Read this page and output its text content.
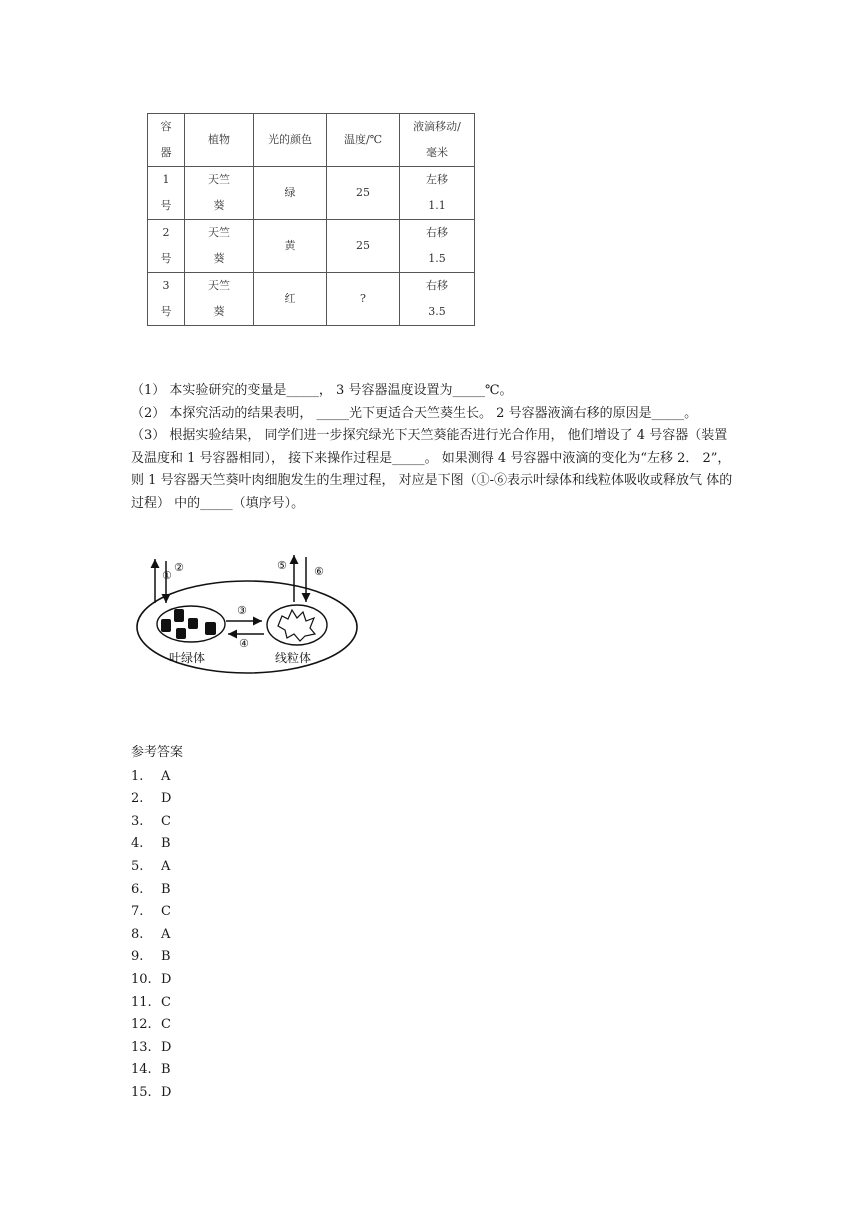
容
器	植物	光的颜色	温度/℃	液滴移动/
毫米

1
号	天竺
葵	绿	25	左移
1.1

2
号	天竺
葵	黄	25	右移
1.5

3
号	天竺
葵	红	?	右移
3.5

（1） 本实验研究的变量是_____， 3 号容器温度设置为_____℃。

（2） 本探究活动的结果表明， _____光下更适合天竺葵生长。 2 号容器液滴右移的原因是_____。

（3） 根据实验结果， 同学们进一步探究绿光下天竺葵能否进行光合作用， 他们增设了 4 号容器（装置及温度和 1 号容器相同）， 接下来操作过程是_____。 如果测得 4 号容器中液滴的变化为“左移 2． 2”， 则 1 号容器天竺葵叶肉细胞发生的生理过程， 对应是下图（①-⑥表示叶绿体和线粒体吸收或释放气 体的过程） 中的_____（填序号）。

①
②
③
④
⑤ ⑥
叶绿体	线粒体
参考答案
1.	A
2.	D
3.	C
4.	B
5.	A
6.	B
7.	C
8.	A
9.	B
10. D
11. C
12. C
13. D
14. B
15. D
